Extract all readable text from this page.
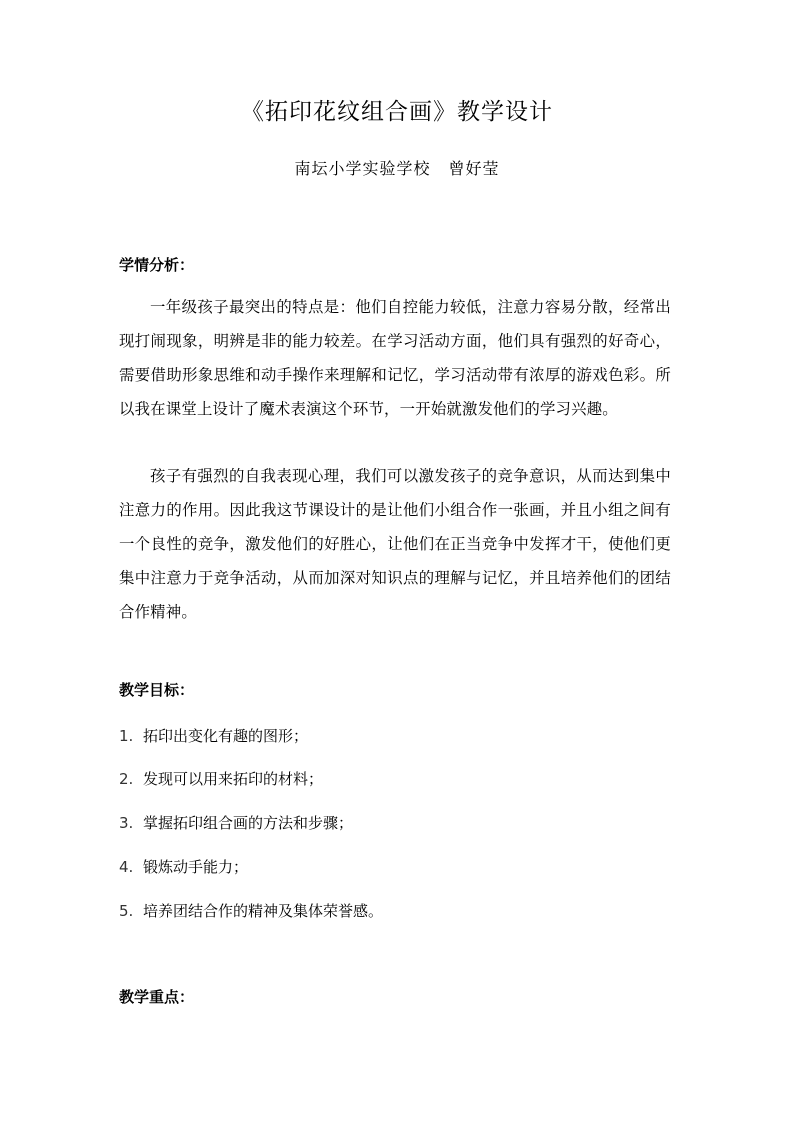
《拓印花纹组合画》教学设计
南坛小学实验学校 曾好莹
学情分析：
一年级孩子最突出的特点是：他们自控能力较低，注意力容易分散，经常出现打闹现象，明辨是非的能力较差。在学习活动方面，他们具有强烈的好奇心，需要借助形象思维和动手操作来理解和记忆，学习活动带有浓厚的游戏色彩。所以我在课堂上设计了魔术表演这个环节，一开始就激发他们的学习兴趣。
孩子有强烈的自我表现心理，我们可以激发孩子的竞争意识，从而达到集中注意力的作用。因此我这节课设计的是让他们小组合作一张画，并且小组之间有一个良性的竞争，激发他们的好胜心，让他们在正当竞争中发挥才干，使他们更集中注意力于竞争活动，从而加深对知识点的理解与记忆，并且培养他们的团结合作精神。
教学目标：
1. 拓印出变化有趣的图形；
2. 发现可以用来拓印的材料；
3. 掌握拓印组合画的方法和步骤；
4. 锻炼动手能力；
5. 培养团结合作的精神及集体荣誉感。
教学重点：
